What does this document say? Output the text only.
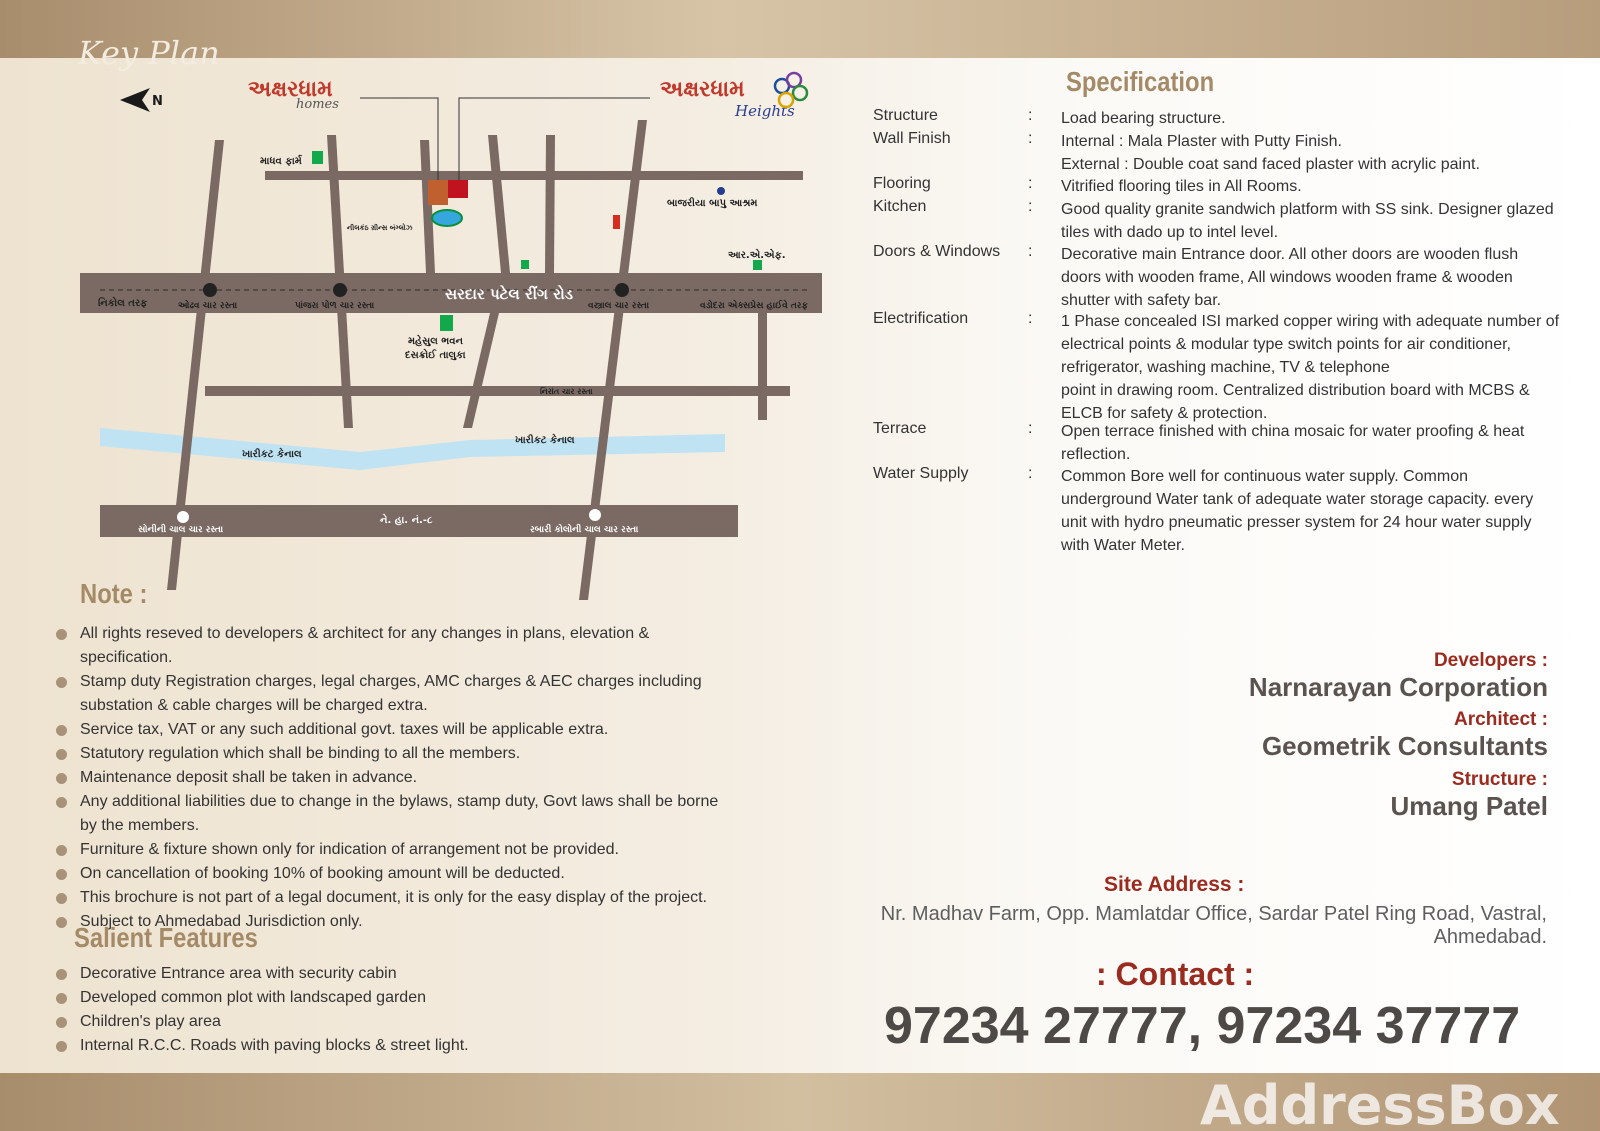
Key Plan
N	અક્ષરધામ
homes
અક્ષરધામ
Heights
માધવ ફાર્મ
નિકોલ તરફ	ઓઢવ ચાર રસ્તા	પાંજરા પોળ ચાર રસ્તા
સરદાર પટેલ રીંગ રોડ
વસ્ત્રાલ ચાર રસ્તા	વડોદરા એક્સપ્રેસ હાઈવે તરફ
બાજરીયા બાપુ આશ્રમ
આર.એ.એફ.
નીલકંઠ ગ્રીન્સ બંગ્લોઝ
મહેસુલ ભવન
દસક્રોઈ તાલુકા
ખારીકટ કેનાલ
ખારીકટ કેનાલ
ને. હા. નં.-૮
સોનીની ચાલ ચાર રસ્તા	રબારી કોલોની ચાલ ચાર રસ્તા
નિરાંત ચાર રસ્તા
Specification
Structure	: Load bearing structure.
Wall Finish	: Internal : Mala Plaster with Putty Finish.
External : Double coat sand faced plaster with acrylic paint.
Flooring	: Vitrified flooring tiles in All Rooms.
Kitchen	: Good quality granite sandwich platform with SS sink. Designer glazed tiles with dado up to intel level.
Doors & Windows	: Decorative main Entrance door. All other doors are wooden flush doors with wooden frame, All windows wooden frame & wooden shutter with safety bar.
Electrification	: 1 Phase concealed ISI marked copper wiring with adequate number of electrical points & modular type switch points for air conditioner, refrigerator, washing machine, TV & telephone
point in drawing room. Centralized distribution board with MCBS & ELCB for safety & protection.
Terrace	: Open terrace finished with china mosaic for water proofing & heat reflection.
Water Supply	: Common Bore well for continuous water supply. Common underground Water tank of adequate water storage capacity. every unit with hydro pneumatic presser system for 24 hour water supply with Water Meter.
Note :
All rights reseved to developers & architect for any changes in plans, elevation & specification.
Stamp duty Registration charges, legal charges, AMC charges & AEC charges including substation & cable charges will be charged extra.
Service tax, VAT or any such additional govt. taxes will be applicable extra.
Statutory regulation which shall be binding to all the members.
Maintenance deposit shall be taken in advance.
Any additional liabilities due to change in the bylaws, stamp duty, Govt laws shall be borne by the members.
Furniture & fixture shown only for indication of arrangement not be provided.
On cancellation of booking 10% of booking amount will be deducted.
This brochure is not part of a legal document, it is only for the easy display of the project.
Subject to Ahmedabad Jurisdiction only.
Salient Features
Decorative Entrance area with security cabin
Developed common plot with landscaped garden
Children's play area
Internal R.C.C. Roads with paving blocks & street light.
Developers :
Narnarayan Corporation
Architect :
Geometrik Consultants
Structure :
Umang Patel
Site Address :
Nr. Madhav Farm, Opp. Mamlatdar Office, Sardar Patel Ring Road, Vastral, Ahmedabad.
: Contact :
97234 27777, 97234 37777
AddressBox
